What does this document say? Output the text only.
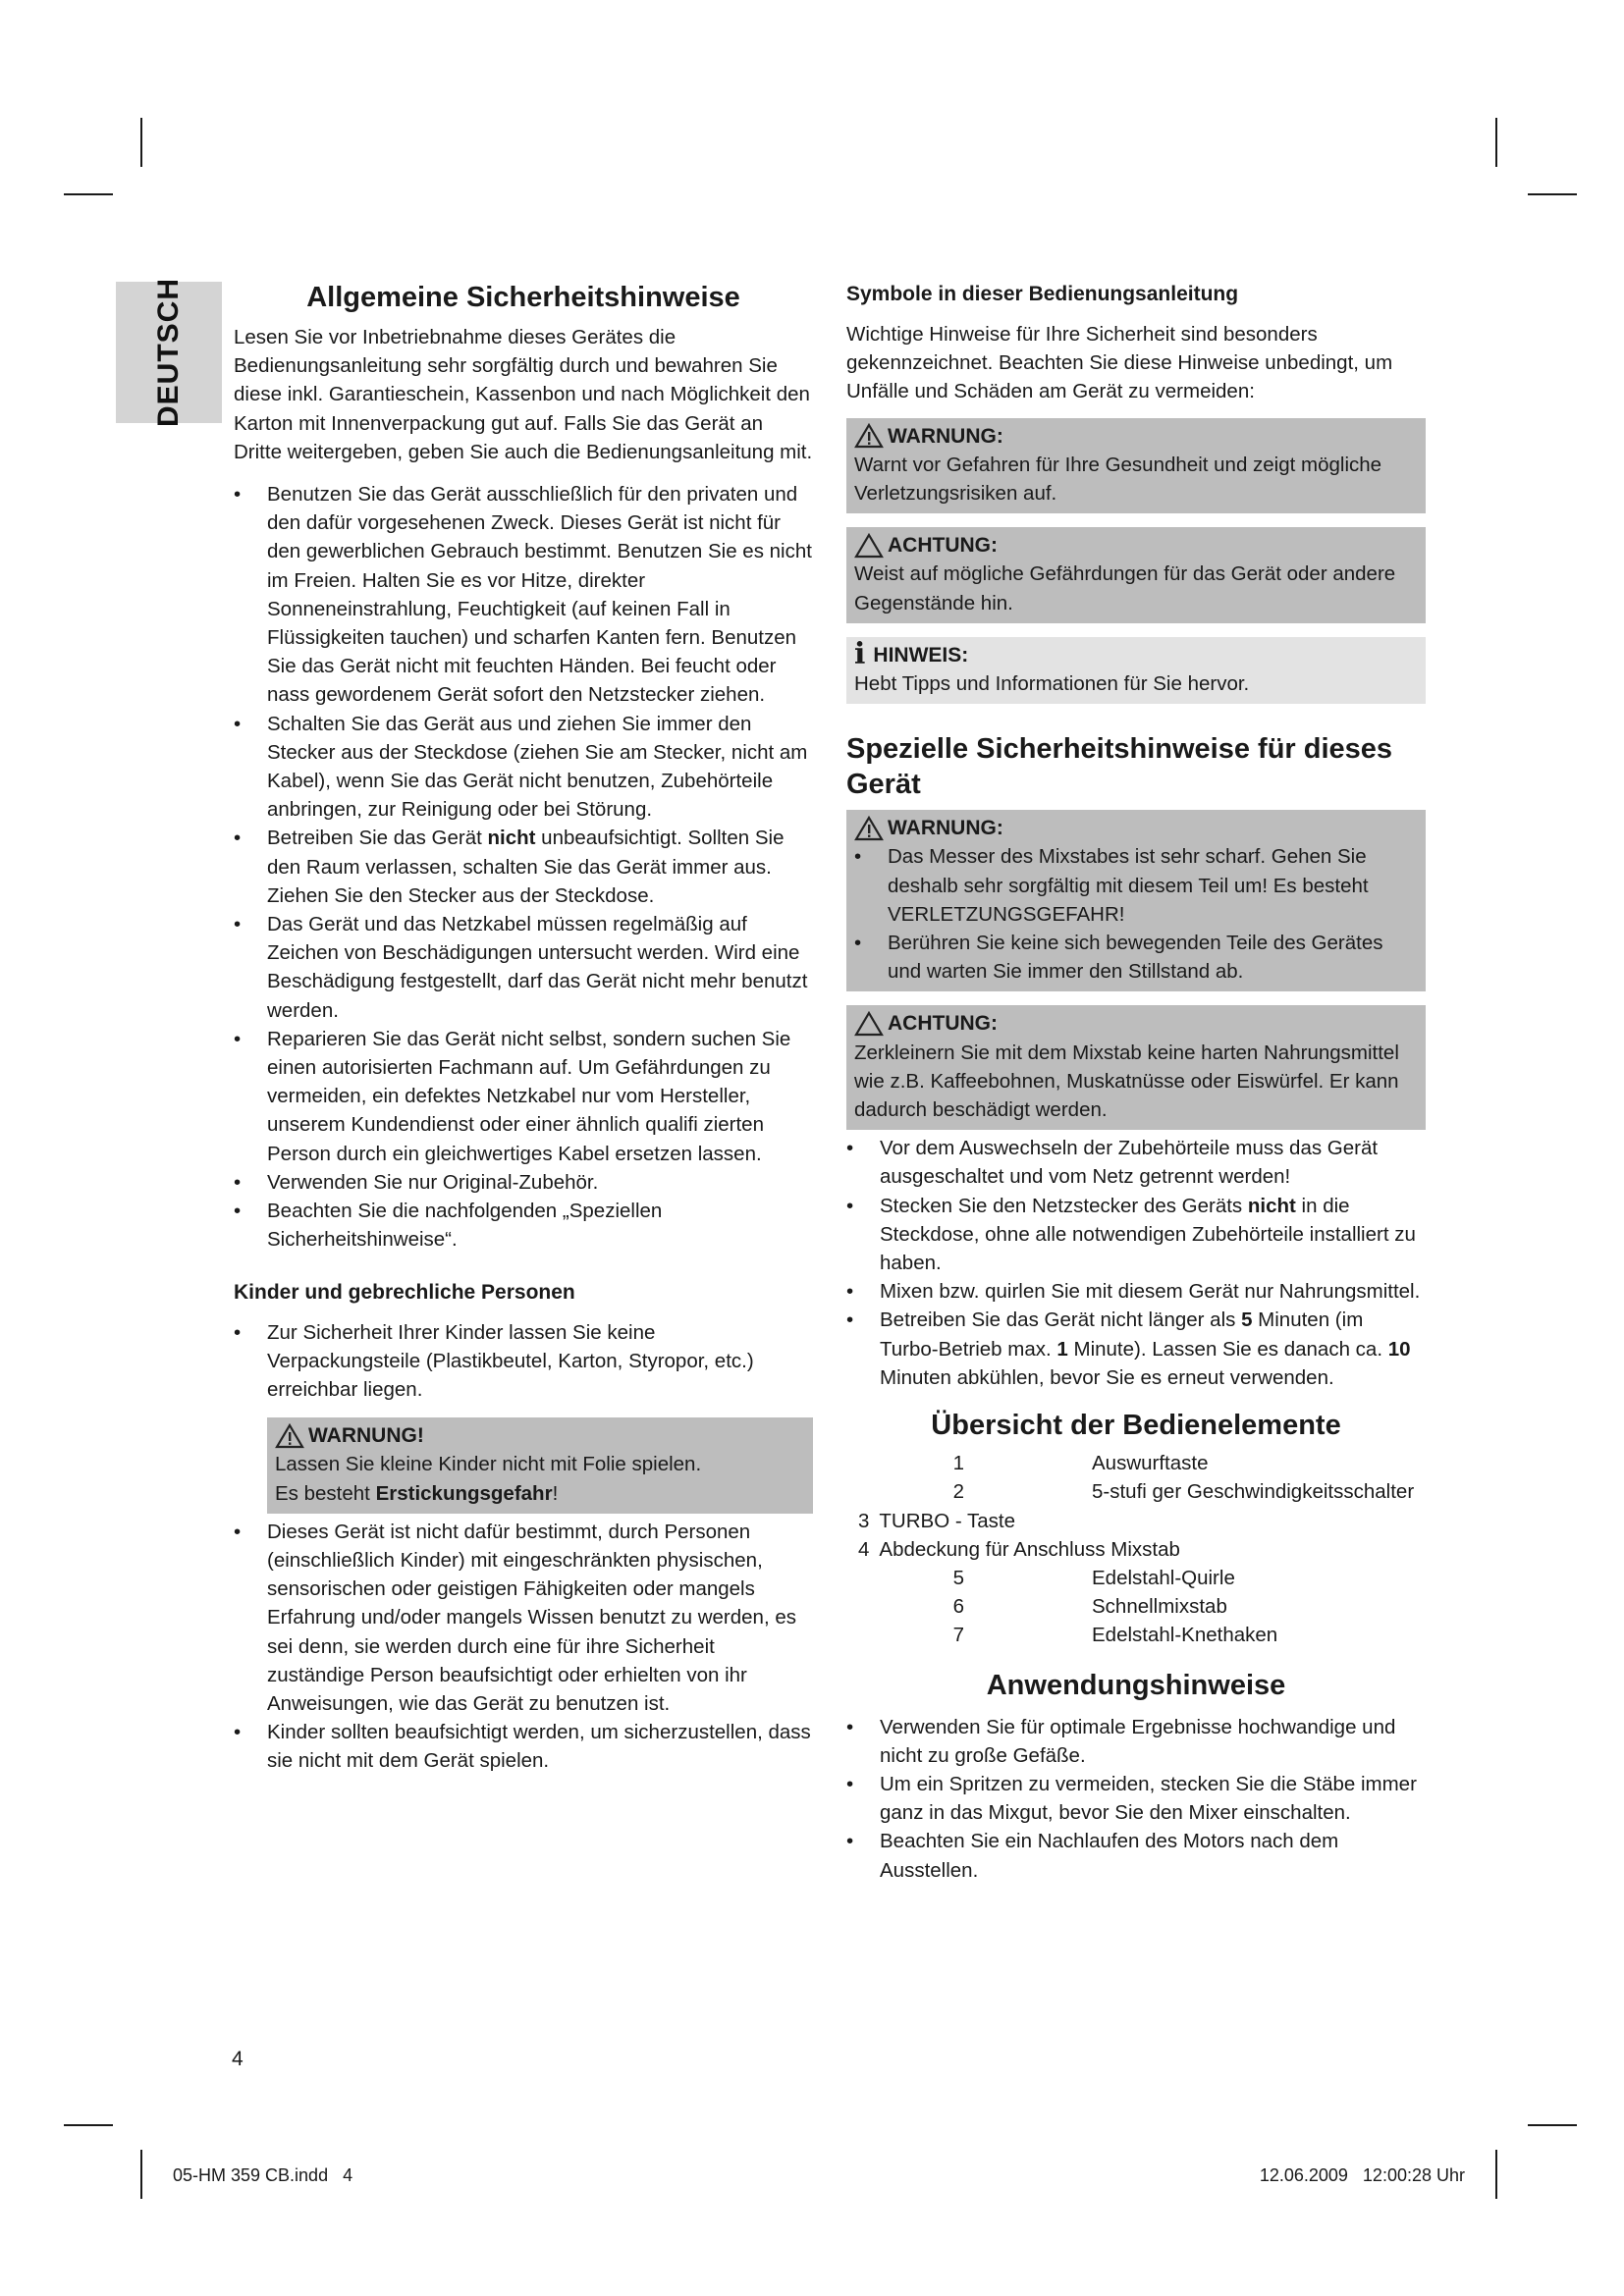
DEUTSCH	Allgemeine Sicherheitshinweise

Lesen Sie vor Inbetriebnahme dieses Gerätes die Bedienungsanleitung sehr sorgfältig durch und bewahren Sie diese inkl. Garantieschein, Kassenbon und nach Möglichkeit den Karton mit Innenverpackung gut auf. Falls Sie das Gerät an Dritte weitergeben, geben Sie auch die Bedienungsanleitung mit.

• Benutzen Sie das Gerät ausschließlich für den privaten und den dafür vorgesehenen Zweck. Dieses Gerät ist nicht für den gewerblichen Gebrauch bestimmt. Benutzen Sie es nicht im Freien. Halten Sie es vor Hitze, direkter Sonneneinstrahlung, Feuchtigkeit (auf keinen Fall in Flüssigkeiten tauchen) und scharfen Kanten fern. Benutzen Sie das Gerät nicht mit feuchten Händen. Bei feucht oder nass gewordenem Gerät sofort den Netzstecker ziehen.
• Schalten Sie das Gerät aus und ziehen Sie immer den Stecker aus der Steckdose (ziehen Sie am Stecker, nicht am Kabel), wenn Sie das Gerät nicht benutzen, Zubehörteile anbringen, zur Reinigung oder bei Störung.
• Betreiben Sie das Gerät nicht unbeaufsichtigt. Sollten Sie den Raum verlassen, schalten Sie das Gerät immer aus. Ziehen Sie den Stecker aus der Steckdose.
• Das Gerät und das Netzkabel müssen regelmäßig auf Zeichen von Beschädigungen untersucht werden. Wird eine Beschädigung festgestellt, darf das Gerät nicht mehr benutzt werden.
• Reparieren Sie das Gerät nicht selbst, sondern suchen Sie einen autorisierten Fachmann auf. Um Gefährdungen zu vermeiden, ein defektes Netzkabel nur vom Hersteller, unserem Kundendienst oder einer ähnlich qualifi zierten Person durch ein gleichwertiges Kabel ersetzen lassen.
• Verwenden Sie nur Original-Zubehör.
• Beachten Sie die nachfolgenden „Speziellen Sicherheitshinweise“.
Kinder und gebrechliche Personen
• Zur Sicherheit Ihrer Kinder lassen Sie keine Verpackungsteile (Plastikbeutel, Karton, Styropor, etc.) erreichbar liegen.
WARNUNG!
Lassen Sie kleine Kinder nicht mit Folie spielen.
Es besteht Erstickungsgefahr!
• Dieses Gerät ist nicht dafür bestimmt, durch Personen (einschließlich Kinder) mit eingeschränkten physischen, sensorischen oder geistigen Fähigkeiten oder mangels Erfahrung und/oder mangels Wissen benutzt zu werden, es sei denn, sie werden durch eine für ihre Sicherheit zuständige Person beaufsichtigt oder erhielten von ihr Anweisungen, wie das Gerät zu benutzen ist.
• Kinder sollten beaufsichtigt werden, um sicherzustellen, dass sie nicht mit dem Gerät spielen.
Symbole in dieser Bedienungsanleitung

Wichtige Hinweise für Ihre Sicherheit sind besonders gekennzeichnet. Beachten Sie diese Hinweise unbedingt, um Unfälle und Schäden am Gerät zu vermeiden:

WARNUNG:
Warnt vor Gefahren für Ihre Gesundheit und zeigt mögliche Verletzungsrisiken auf.
ACHTUNG:
Weist auf mögliche Gefährdungen für das Gerät oder andere Gegenstände hin.
i HINWEIS:
Hebt Tipps und Informationen für Sie hervor.
Spezielle Sicherheitshinweise für dieses Gerät
WARNUNG:
• Das Messer des Mixstabes ist sehr scharf. Gehen Sie deshalb sehr sorgfältig mit diesem Teil um! Es besteht VERLETZUNGSGEFAHR!
• Berühren Sie keine sich bewegenden Teile des Gerätes und warten Sie immer den Stillstand ab.
ACHTUNG:
Zerkleinern Sie mit dem Mixstab keine harten Nahrungsmittel wie z.B. Kaffeebohnen, Muskatnüsse oder Eiswürfel. Er kann dadurch beschädigt werden.
• Vor dem Auswechseln der Zubehörteile muss das Gerät ausgeschaltet und vom Netz getrennt werden!
• Stecken Sie den Netzstecker des Geräts nicht in die Steckdose, ohne alle notwendigen Zubehörteile installiert zu haben.
• Mixen bzw. quirlen Sie mit diesem Gerät nur Nahrungsmittel.
• Betreiben Sie das Gerät nicht länger als 5 Minuten (im Turbo-Betrieb max. 1 Minute). Lassen Sie es danach ca. 10 Minuten abkühlen, bevor Sie es erneut verwenden.
Übersicht der Bedienelemente
1	Auswurftaste
2	5-stufi ger Geschwindigkeitsschalter
3 TURBO - Taste
4 Abdeckung für Anschluss Mixstab
5	Edelstahl-Quirle
6	Schnellmixstab
7	Edelstahl-Knethaken
Anwendungshinweise
• Verwenden Sie für optimale Ergebnisse hochwandige und nicht zu große Gefäße.
• Um ein Spritzen zu vermeiden, stecken Sie die Stäbe immer ganz in das Mixgut, bevor Sie den Mixer einschalten.
• Beachten Sie ein Nachlaufen des Motors nach dem Ausstellen.
4
05-HM 359 CB.indd   4	12.06.2009   12:00:28 Uhr
